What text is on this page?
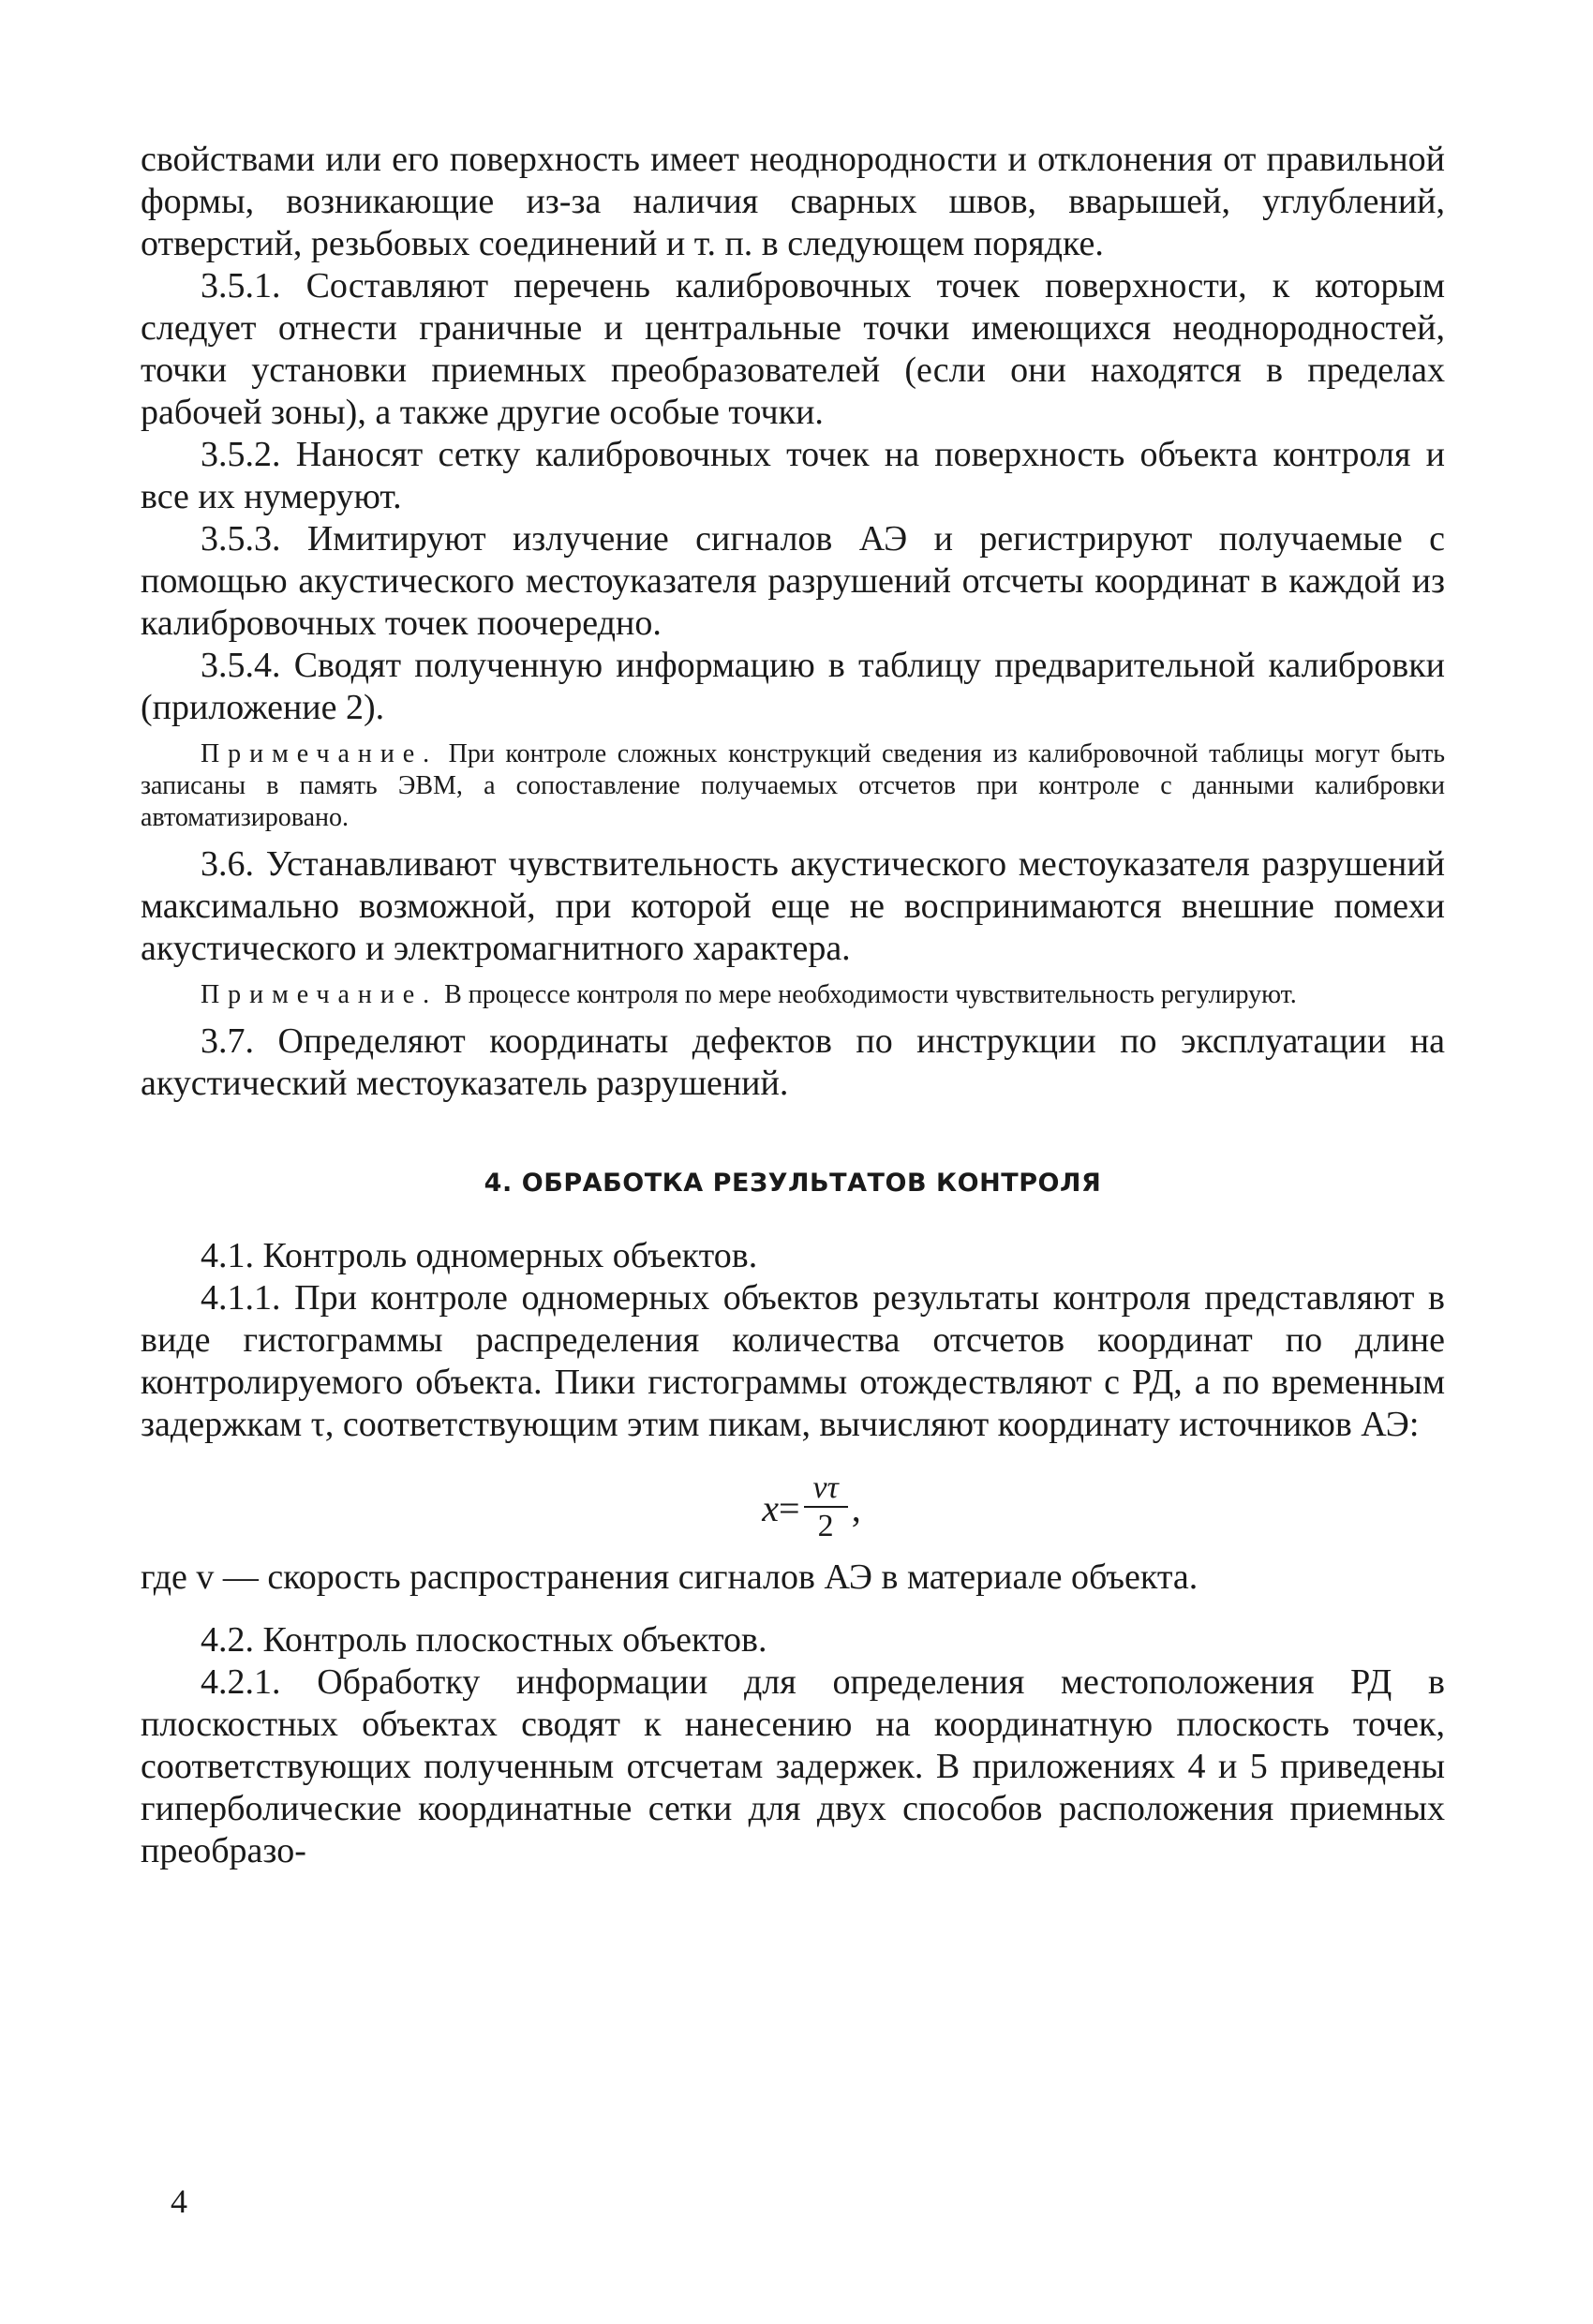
свойствами или его поверхность имеет неоднородности и отклонения от правильной формы, возникающие из-за наличия сварных швов, вварышей, углублений, отверстий, резьбовых соединений и т. п. в следующем порядке.

3.5.1. Составляют перечень калибровочных точек поверхности, к которым следует отнести граничные и центральные точки имеющихся неоднородностей, точки установки приемных преобразователей (если они находятся в пределах рабочей зоны), а также другие особые точки.

3.5.2. Наносят сетку калибровочных точек на поверхность объекта контроля и все их нумеруют.

3.5.3. Имитируют излучение сигналов АЭ и регистрируют получаемые с помощью акустического местоуказателя разрушений отсчеты координат в каждой из калибровочных точек поочередно.

3.5.4. Сводят полученную информацию в таблицу предварительной калибровки (приложение 2).

Примечание. При контроле сложных конструкций сведения из калибровочной таблицы могут быть записаны в память ЭВМ, а сопоставление получаемых отсчетов при контроле с данными калибровки автоматизировано.

3.6. Устанавливают чувствительность акустического местоуказателя разрушений максимально возможной, при которой еще не воспринимаются внешние помехи акустического и электромагнитного характера.

Примечание. В процессе контроля по мере необходимости чувствительность регулируют.

3.7. Определяют координаты дефектов по инструкции по эксплуатации на акустический местоуказатель разрушений.

4. ОБРАБОТКА РЕЗУЛЬТАТОВ КОНТРОЛЯ

4.1. Контроль одномерных объектов.

4.1.1. При контроле одномерных объектов результаты контроля представляют в виде гистограммы распределения количества отсчетов координат по длине контролируемого объекта. Пики гистограммы отождествляют с РД, а по временным задержкам τ, соответствующим этим пикам, вычисляют координату источников АЭ:

$x = \frac{v\tau}{2}$ ,

где v — скорость распространения сигналов АЭ в материале объекта.

4.2. Контроль плоскостных объектов.

4.2.1. Обработку информации для определения местоположения РД в плоскостных объектах сводят к нанесению на координатную плоскость точек, соответствующих полученным отсчетам задержек. В приложениях 4 и 5 приведены гиперболические координатные сетки для двух способов расположения приемных преобразо-

4
